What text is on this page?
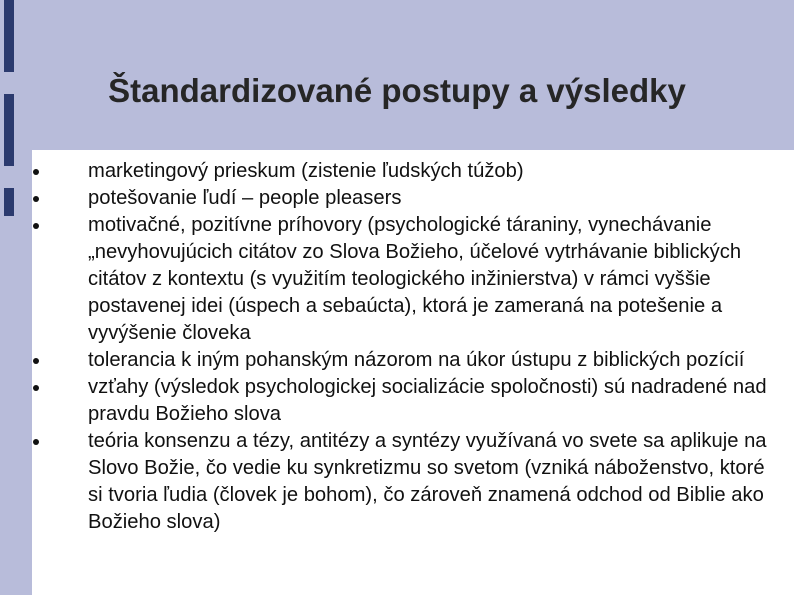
Štandardizované postupy a výsledky
marketingový prieskum (zistenie ľudských túžob)
potešovanie ľudí – people pleasers
motivačné, pozitívne príhovory (psychologické táraniny, vynechávanie „nevyhovujúcich citátov zo Slova Božieho, účelové vytrhávanie biblických citátov z kontextu (s využitím teologického inžinierstva) v rámci vyššie postavenej idei (úspech a sebaúcta), ktorá je zameraná na potešenie a vyvýšenie človeka
tolerancia k iným pohanským názorom na úkor ústupu z biblických pozícií
vzťahy (výsledok psychologickej socializácie spoločnosti) sú nadradené nad pravdu Božieho slova
teória konsenzu a tézy, antitézy a syntézy využívaná vo svete sa aplikuje na Slovo Božie, čo vedie ku synkretizmu so svetom (vzniká náboženstvo, ktoré si tvoria ľudia (človek je bohom), čo zároveň znamená odchod od Biblie ako Božieho slova)
